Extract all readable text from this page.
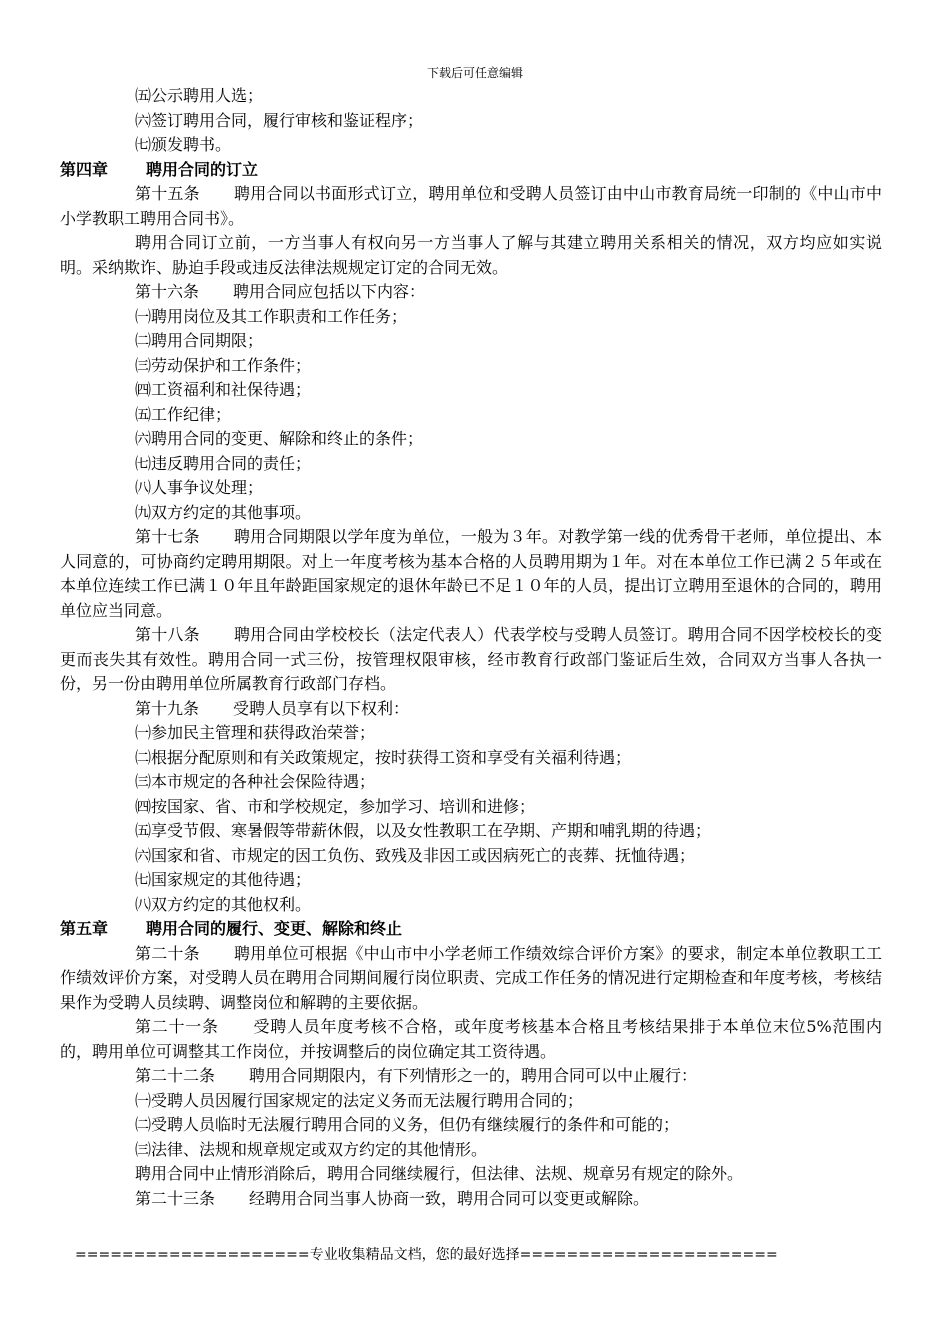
下载后可任意编辑
㈤公示聘用人选；
㈥签订聘用合同，履行审核和鉴证程序；
㈦颁发聘书。
第四章 聘用合同的订立
第十五条 聘用合同以书面形式订立，聘用单位和受聘人员签订由中山市教育局统一印制的《中山市中小学教职工聘用合同书》。
聘用合同订立前，一方当事人有权向另一方当事人了解与其建立聘用关系相关的情况，双方均应如实说明。采纳欺诈、胁迫手段或违反法律法规规定订定的合同无效。
第十六条 聘用合同应包括以下内容：
㈠聘用岗位及其工作职责和工作任务；
㈡聘用合同期限；
㈢劳动保护和工作条件；
㈣工资福利和社保待遇；
㈤工作纪律；
㈥聘用合同的变更、解除和终止的条件；
㈦违反聘用合同的责任；
㈧人事争议处理；
㈨双方约定的其他事项。
第十七条 聘用合同期限以学年度为单位，一般为３年。对教学第一线的优秀骨干老师，单位提出、本人同意的，可协商约定聘用期限。对上一年度考核为基本合格的人员聘用期为１年。对在本单位工作已满２５年或在本单位连续工作已满１０年且年龄距国家规定的退休年龄已不足１０年的人员，提出订立聘用至退休的合同的，聘用单位应当同意。
第十八条 聘用合同由学校校长（法定代表人）代表学校与受聘人员签订。聘用合同不因学校校长的变更而丧失其有效性。聘用合同一式三份，按管理权限审核，经市教育行政部门鉴证后生效，合同双方当事人各执一份，另一份由聘用单位所属教育行政部门存档。
第十九条 受聘人员享有以下权利：
㈠参加民主管理和获得政治荣誉；
㈡根据分配原则和有关政策规定，按时获得工资和享受有关福利待遇；
㈢本市规定的各种社会保险待遇；
㈣按国家、省、市和学校规定，参加学习、培训和进修；
㈤享受节假、寒暑假等带薪休假，以及女性教职工在孕期、产期和哺乳期的待遇；
㈥国家和省、市规定的因工负伤、致残及非因工或因病死亡的丧葬、抚恤待遇；
㈦国家规定的其他待遇；
㈧双方约定的其他权利。
第五章 聘用合同的履行、变更、解除和终止
第二十条 聘用单位可根据《中山市中小学老师工作绩效综合评价方案》的要求，制定本单位教职工工作绩效评价方案，对受聘人员在聘用合同期间履行岗位职责、完成工作任务的情况进行定期检查和年度考核，考核结果作为受聘人员续聘、调整岗位和解聘的主要依据。
第二十一条 受聘人员年度考核不合格，或年度考核基本合格且考核结果排于本单位末位5%范围内的，聘用单位可调整其工作岗位，并按调整后的岗位确定其工资待遇。
第二十二条 聘用合同期限内，有下列情形之一的，聘用合同可以中止履行：
㈠受聘人员因履行国家规定的法定义务而无法履行聘用合同的；
㈡受聘人员临时无法履行聘用合同的义务，但仍有继续履行的条件和可能的；
㈢法律、法规和规章规定或双方约定的其他情形。
聘用合同中止情形消除后，聘用合同继续履行，但法律、法规、规章另有规定的除外。
第二十三条 经聘用合同当事人协商一致，聘用合同可以变更或解除。
====================专业收集精品文档，您的最好选择======================
